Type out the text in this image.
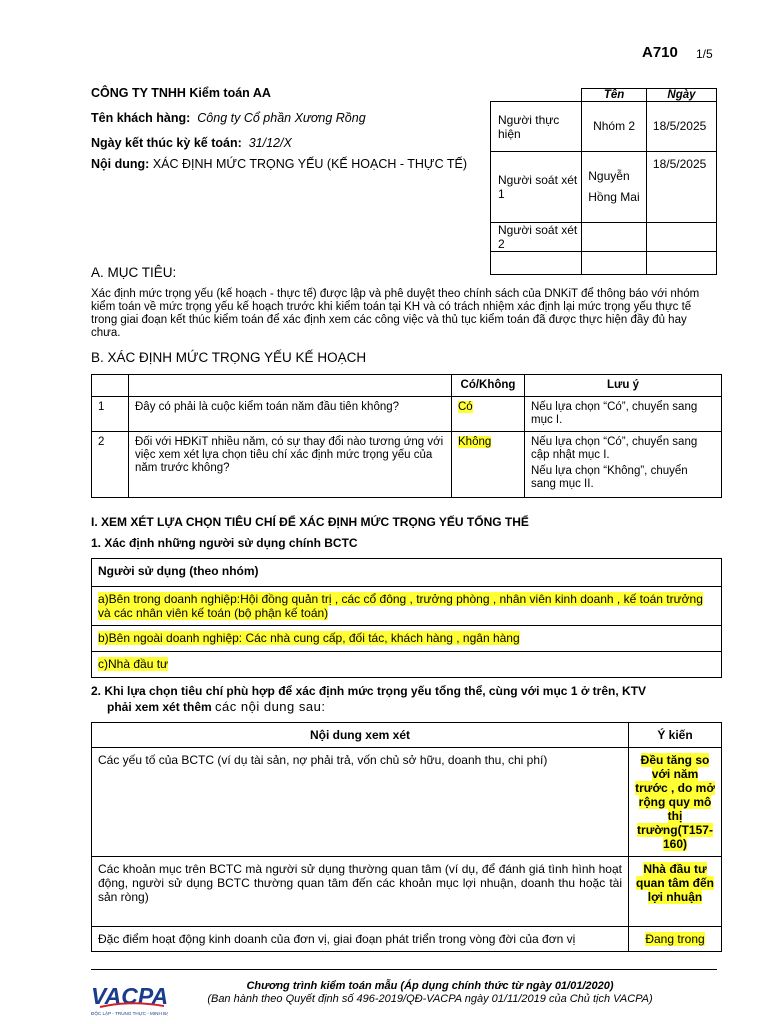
A710 1/5
CÔNG TY TNHH Kiểm toán AA
Tên khách hàng: Công ty Cổ phần Xương Rồng
Ngày kết thúc kỳ kế toán: 31/12/X
Nội dung: XÁC ĐỊNH MỨC TRỌNG YẾU (KẾ HOẠCH - THỰC TẾ)
	Tên	Ngày
Người thực hiện	Nhóm 2	18/5/2025
Người soát xét 1	Nguyễn Hồng Mai	18/5/2025
Người soát xét 2		

A. MỤC TIÊU:
Xác định mức trọng yếu (kế hoạch - thực tế) được lập và phê duyệt theo chính sách của DNKiT để thông báo với nhóm kiểm toán về mức trọng yếu kế hoạch trước khi kiểm toán tại KH và có trách nhiệm xác định lại mức trọng yếu thực tế trong giai đoạn kết thúc kiểm toán để xác định xem các công việc và thủ tục kiểm toán đã được thực hiện đầy đủ hay chưa.
B. XÁC ĐỊNH MỨC TRỌNG YẾU KẾ HOẠCH
		Có/Không	Lưu ý
1	Đây có phải là cuộc kiểm toán năm đầu tiên không?	Có	Nếu lựa chọn “Có”, chuyển sang mục I.

2	Đối với HĐKiT nhiều năm, có sự thay đổi nào tương ứng với việc xem xét lựa chọn tiêu chí xác định mức trọng yếu của năm trước không?	Không	Nếu lựa chọn “Có”, chuyển sang cập nhật mục I.
Nếu lựa chọn “Không”, chuyển sang mục II.
I. XEM XÉT LỰA CHỌN TIÊU CHÍ ĐỂ XÁC ĐỊNH MỨC TRỌNG YẾU TỔNG THỂ
1. Xác định những người sử dụng chính BCTC
Người sử dụng (theo nhóm)
a)Bên trong doanh nghiệp:Hội đồng quản trị , các cổ đông , trưởng phòng , nhân viên kinh doanh , kế toán trưởng và các nhân viên kế toán (bộ phận kế toán)
b)Bên ngoài doanh nghiệp: Các nhà cung cấp, đối tác, khách hàng , ngân hàng
c)Nhà đầu tư
2. Khi lựa chọn tiêu chí phù hợp để xác định mức trọng yếu tổng thể, cùng với mục 1 ở trên, KTV
phải xem xét thêm các nội dung sau:
Nội dung xem xét	Ý kiến
Các yếu tố của BCTC (ví dụ tài sản, nợ phải trả, vốn chủ sở hữu, doanh thu, chi phí)	Đều tăng so với năm trước , do mở rộng quy mô thị trường(T157-160)
Các khoản mục trên BCTC mà người sử dụng thường quan tâm (ví dụ, để đánh giá tình hình hoạt động, người sử dụng BCTC thường quan tâm đến các khoản mục lợi nhuận, doanh thu hoặc tài sản ròng)	Nhà đầu tư quan tâm đến lợi nhuận
Đặc điểm hoạt động kinh doanh của đơn vị, giai đoạn phát triển trong vòng đời của đơn vị	Đang trong
VACPA
ĐỘC LẬP - TRUNG THỰC - MINH BẠCH
Chương trình kiểm toán mẫu (Áp dụng chính thức từ ngày 01/01/2020)
(Ban hành theo Quyết định số 496-2019/QĐ-VACPA ngày 01/11/2019 của Chủ tịch VACPA)
